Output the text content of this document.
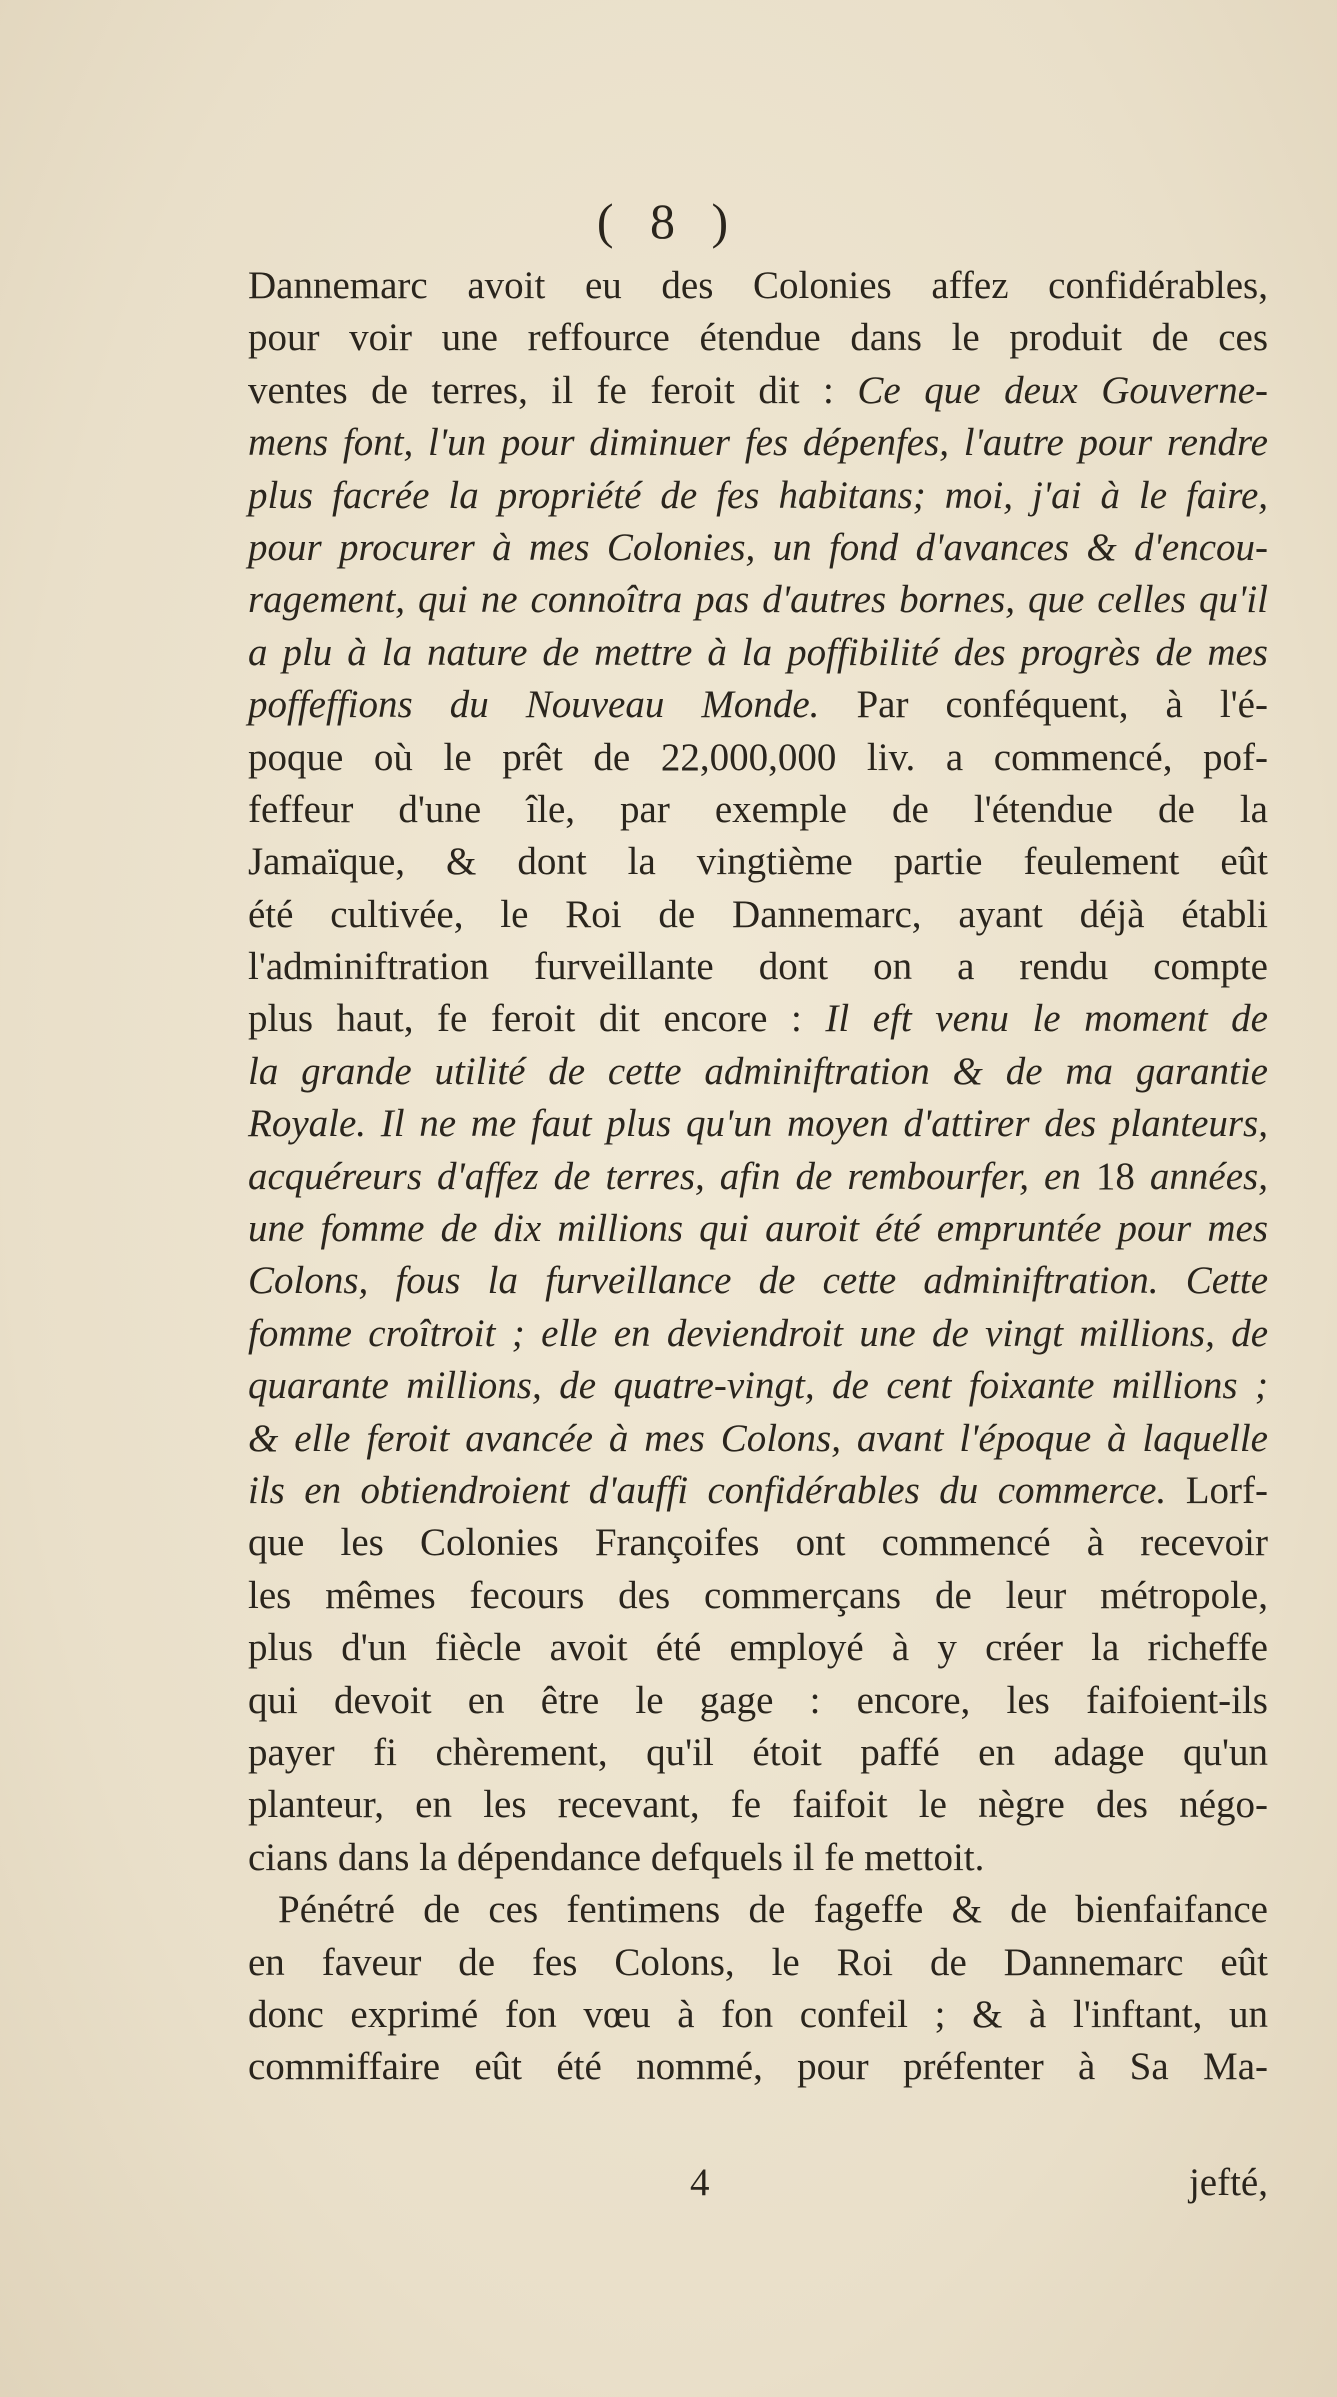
( 8 )
Dannemarc avoit eu des Colonies affez confidérables,
pour voir une reffource étendue dans le produit de ces
ventes de terres, il fe feroit dit : Ce que deux Gouvernе-
mens font, l'un pour diminuer fes dépenfes, l'autre pour rendre
plus facrée la propriété de fes habitans; moi, j'ai à le faire,
pour procurer à mes Colonies, un fond d'avances & d'encou-
ragement, qui ne connoîtra pas d'autres bornes, que celles qu'il
a plu à la nature de mettre à la poffibilité des progrès de mes
poffeffions du Nouveau Monde. Par conféquent, à l'é-
poque où le prêt de 22,000,000 liv. a commencé, pof-
feffeur d'une île, par exemple de l'étendue de la
Jamaïque, & dont la vingtième partie feulement eût
été cultivée, le Roi de Dannemarc, ayant déjà établi
l'adminiftration furveillante dont on a rendu compte
plus haut, fe feroit dit encore : Il eft venu le moment de
la grande utilité de cette adminiftration & de ma garantie
Royale. Il ne me faut plus qu'un moyen d'attirer des planteurs,
acquéreurs d'affez de terres, afin de rembourfer, en 18 années,
une fomme de dix millions qui auroit été empruntée pour mes
Colons, fous la furveillance de cette adminiftration. Cette
fomme croîtroit ; elle en deviendroit une de vingt millions, de
quarante millions, de quatre-vingt, de cent foixante millions ;
& elle feroit avancée à mes Colons, avant l'époque à laquelle
ils en obtiendroient d'auffi confidérables du commerce. Lorf-
que les Colonies Françoifes ont commencé à recevoir
les mêmes fecours des commerçans de leur métropole,
plus d'un fiècle avoit été employé à y créer la richeffe
qui devoit en être le gage : encore, les faifoient-ils
payer fi chèrement, qu'il étoit paffé en adage qu'un
planteur, en les recevant, fe faifoit le nègre des négo-
cians dans la dépendance defquels il fe mettoit.
Pénétré de ces fentimens de fageffe & de bienfaifance
en faveur de fes Colons, le Roi de Dannemarc eût
donc exprimé fon vœu à fon confeil ; & à l'inftant, un
commiffaire eût été nommé, pour préfenter à Sa Ma-
4	jefté,
